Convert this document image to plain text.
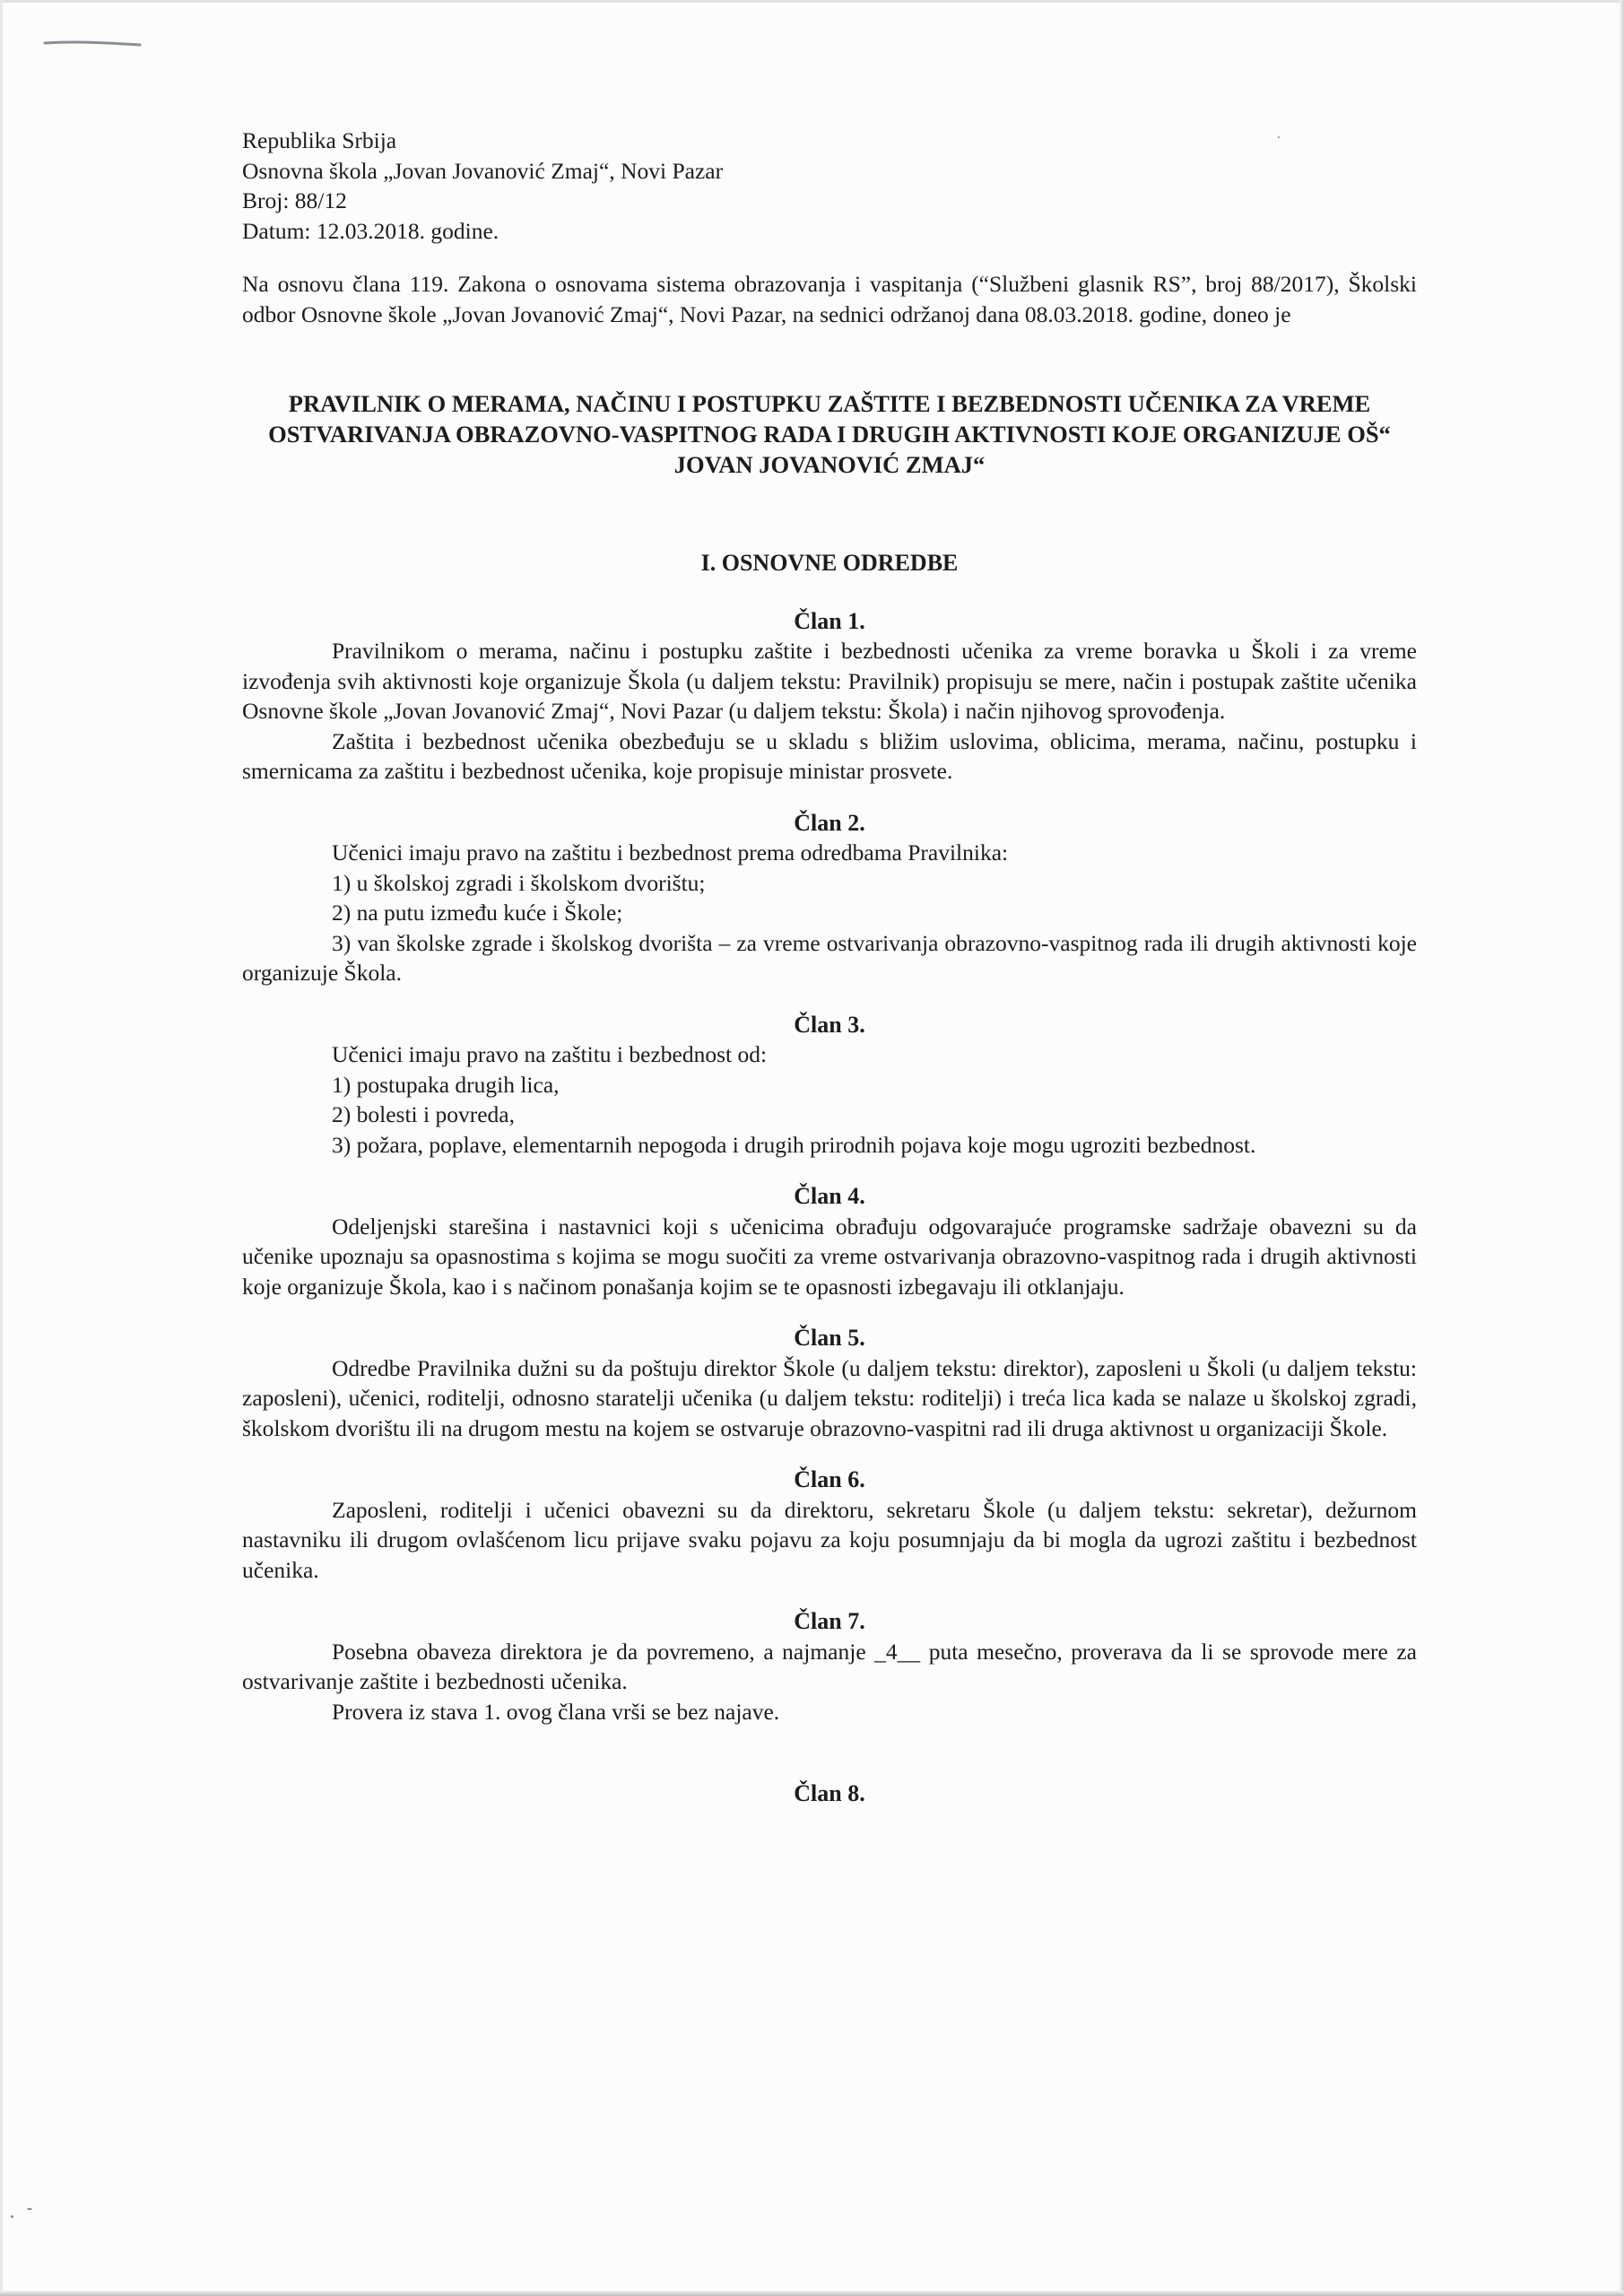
Republika Srbija
Osnovna škola „Jovan Jovanović Zmaj“, Novi Pazar
Broj: 88/12
Datum: 12.03.2018. godine.

Na osnovu člana 119. Zakona o osnovama sistema obrazovanja i vaspitanja (“Službeni glasnik RS”, broj 88/2017), Školski odbor Osnovne škole „Jovan Jovanović Zmaj“, Novi Pazar, na sednici održanoj dana 08.03.2018. godine, doneo je

PRAVILNIK O MERAMA, NAČINU I POSTUPKU ZAŠTITE I BEZBEDNOSTI UČENIKA ZA VREME OSTVARIVANJA OBRAZOVNO-VASPITNOG RADA I DRUGIH AKTIVNOSTI KOJE ORGANIZUJE OŠ“ JOVAN JOVANOVIĆ ZMAJ“
I. OSNOVNE ODREDBE
Član 1.

Pravilnikom o merama, načinu i postupku zaštite i bezbednosti učenika za vreme boravka u Školi i za vreme izvođenja svih aktivnosti koje organizuje Škola (u daljem tekstu: Pravilnik) propisuju se mere, način i postupak zaštite učenika Osnovne škole „Jovan Jovanović Zmaj“, Novi Pazar (u daljem tekstu: Škola) i način njihovog sprovođenja.

Zaštita i bezbednost učenika obezbeđuju se u skladu s bližim uslovima, oblicima, merama, načinu, postupku i smernicama za zaštitu i bezbednost učenika, koje propisuje ministar prosvete.

Član 2.

Učenici imaju pravo na zaštitu i bezbednost prema odredbama Pravilnika:

1) u školskoj zgradi i školskom dvorištu;

2) na putu između kuće i Škole;

3) van školske zgrade i školskog dvorišta – za vreme ostvarivanja obrazovno-vaspitnog rada ili drugih aktivnosti koje organizuje Škola.

Član 3.

Učenici imaju pravo na zaštitu i bezbednost od:

1) postupaka drugih lica,

2) bolesti i povreda,

3) požara, poplave, elementarnih nepogoda i drugih prirodnih pojava koje mogu ugroziti bezbednost.

Član 4.

Odeljenjski starešina i nastavnici koji s učenicima obrađuju odgovarajuće programske sadržaje obavezni su da učenike upoznaju sa opasnostima s kojima se mogu suočiti za vreme ostvarivanja obrazovno-vaspitnog rada i drugih aktivnosti koje organizuje Škola, kao i s načinom ponašanja kojim se te opasnosti izbegavaju ili otklanjaju.

Član 5.

Odredbe Pravilnika dužni su da poštuju direktor Škole (u daljem tekstu: direktor), zaposleni u Školi (u daljem tekstu: zaposleni), učenici, roditelji, odnosno staratelji učenika (u daljem tekstu: roditelji) i treća lica kada se nalaze u školskoj zgradi, školskom dvorištu ili na drugom mestu na kojem se ostvaruje obrazovno-vaspitni rad ili druga aktivnost u organizaciji Škole.

Član 6.

Zaposleni, roditelji i učenici obavezni su da direktoru, sekretaru Škole (u daljem tekstu: sekretar), dežurnom nastavniku ili drugom ovlašćenom licu prijave svaku pojavu za koju posumnjaju da bi mogla da ugrozi zaštitu i bezbednost učenika.

Član 7.

Posebna obaveza direktora je da povremeno, a najmanje _4__ puta mesečno, proverava da li se sprovode mere za ostvarivanje zaštite i bezbednosti učenika.

Provera iz stava 1. ovog člana vrši se bez najave.

Član 8.
